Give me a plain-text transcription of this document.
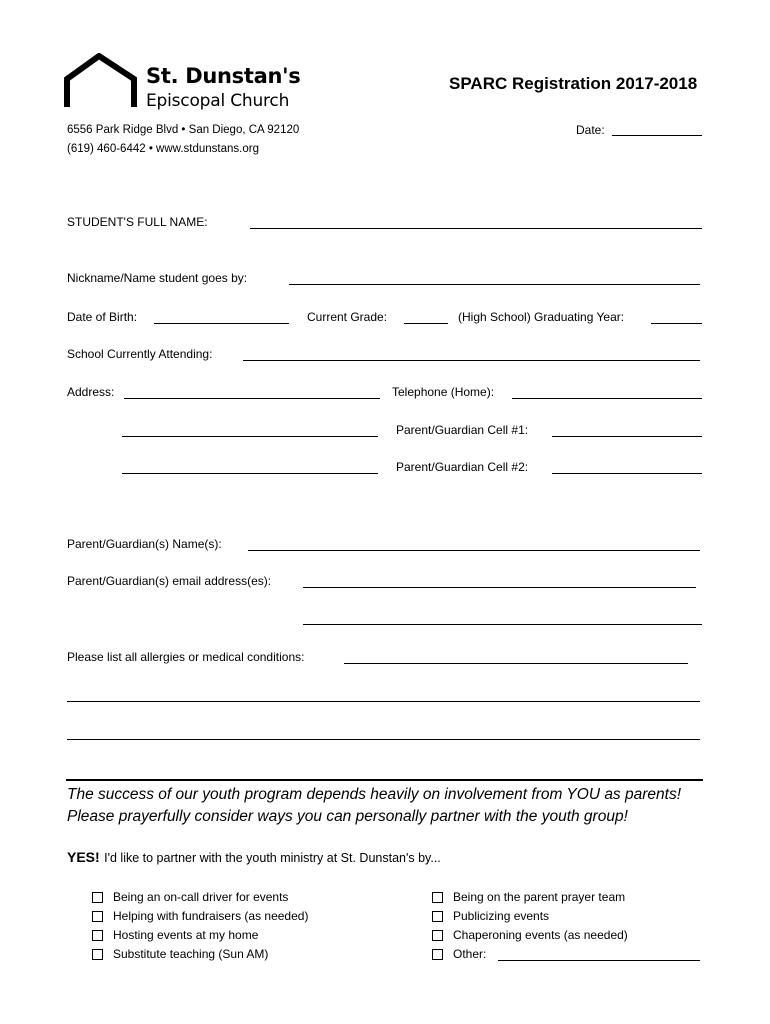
St. Dunstan's
Episcopal Church
SPARC Registration 2017-2018
6556 Park Ridge Blvd • San Diego, CA 92120
(619) 460-6442 • www.stdunstans.org
Date:
STUDENT'S FULL NAME:
Nickname/Name student goes by:
Date of Birth:	Current Grade:	(High School) Graduating Year:
School Currently Attending:
Address:	Telephone (Home):
Parent/Guardian Cell #1:
Parent/Guardian Cell #2:
Parent/Guardian(s) Name(s):
Parent/Guardian(s) email address(es):
Please list all allergies or medical conditions:
The success of our youth program depends heavily on involvement from YOU as parents!
Please prayerfully consider ways you can personally partner with the youth group!
YES! I'd like to partner with the youth ministry at St. Dunstan's by...
Being an on-call driver for events
Helping with fundraisers (as needed)
Hosting events at my home
Substitute teaching (Sun AM)
Being on the parent prayer team
Publicizing events
Chaperoning events (as needed)
Other:
